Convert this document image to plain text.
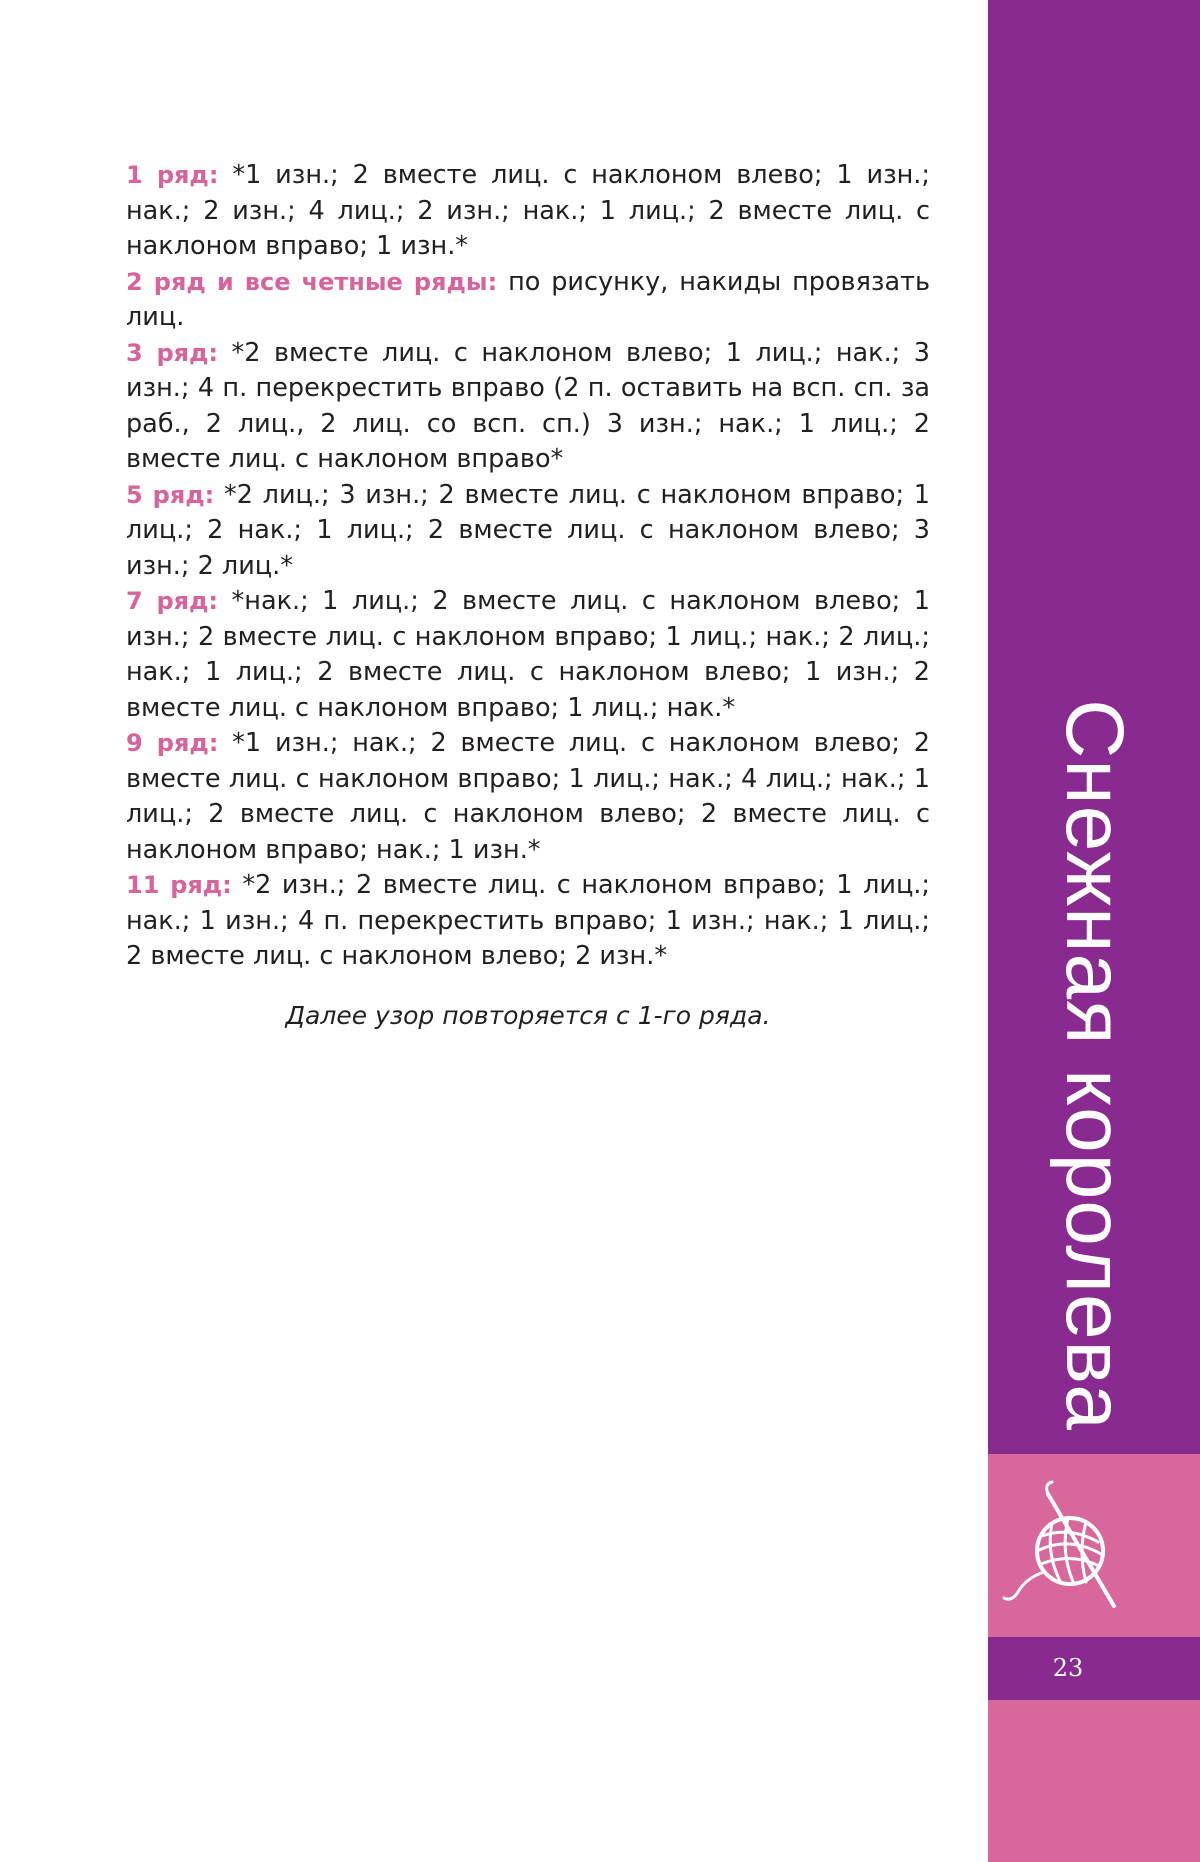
1 ряд: *1 изн.; 2 вместе лиц. с наклоном влево; 1 изн.; нак.; 2 изн.; 4 лиц.; 2 изн.; нак.; 1 лиц.; 2 вместе лиц. с наклоном вправо; 1 изн.*

2 ряд и все четные ряды: по рисунку, накиды провязать лиц.

3 ряд: *2 вместе лиц. с наклоном влево; 1 лиц.; нак.; 3 изн.; 4 п. перекрестить вправо (2 п. оставить на всп. сп. за раб., 2 лиц., 2 лиц. со всп. сп.) 3 изн.; нак.; 1 лиц.; 2 вместе лиц. с наклоном вправо*

5 ряд: *2 лиц.; 3 изн.; 2 вместе лиц. с наклоном вправо; 1 лиц.; 2 нак.; 1 лиц.; 2 вместе лиц. с наклоном влево; 3 изн.; 2 лиц.*

7 ряд: *нак.; 1 лиц.; 2 вместе лиц. с наклоном влево; 1 изн.; 2 вместе лиц. с наклоном вправо; 1 лиц.; нак.; 2 лиц.; нак.; 1 лиц.; 2 вместе лиц. с наклоном влево; 1 изн.; 2 вместе лиц. с наклоном вправо; 1 лиц.; нак.*

9 ряд: *1 изн.; нак.; 2 вместе лиц. с наклоном влево; 2 вместе лиц. с наклоном вправо; 1 лиц.; нак.; 4 лиц.; нак.; 1 лиц.; 2 вместе лиц. с наклоном влево; 2 вместе лиц. с наклоном вправо; нак.; 1 изн.*

11 ряд: *2 изн.; 2 вместе лиц. с наклоном вправо; 1 лиц.; нак.; 1 изн.; 4 п. перекрестить вправо; 1 изн.; нак.; 1 лиц.; 2 вместе лиц. с наклоном влево; 2 изн.*

Далее узор повторяется с 1-го ряда.	Снежная королева
23
